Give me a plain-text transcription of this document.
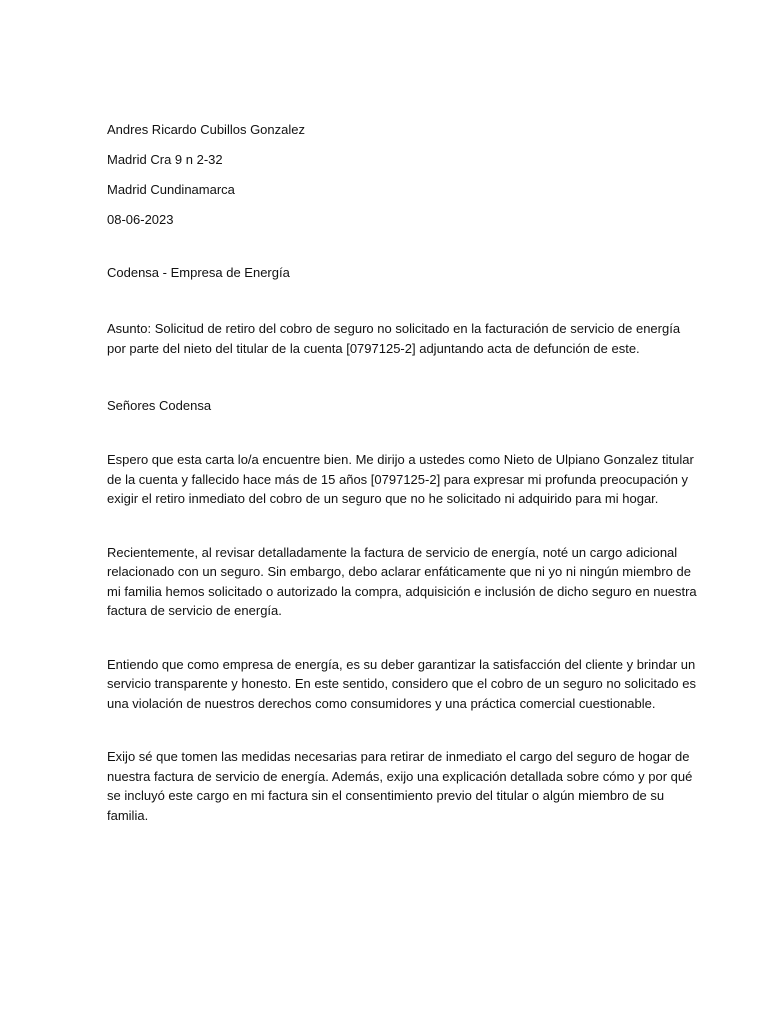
Andres Ricardo Cubillos Gonzalez

Madrid Cra 9 n 2-32

Madrid Cundinamarca

08-06-2023

Codensa - Empresa de Energía

Asunto: Solicitud de retiro del cobro de seguro no solicitado en la facturación de servicio de energía por parte del nieto del titular de la cuenta [0797125-2] adjuntando acta de defunción de este.

Señores Codensa

Espero que esta carta lo/a encuentre bien. Me dirijo a ustedes como Nieto de Ulpiano Gonzalez titular de la cuenta y fallecido hace más de 15 años [0797125-2] para expresar mi profunda preocupación y exigir el retiro inmediato del cobro de un seguro que no he solicitado ni adquirido para mi hogar.

Recientemente, al revisar detalladamente la factura de servicio de energía, noté un cargo adicional relacionado con un seguro. Sin embargo, debo aclarar enfáticamente que ni yo ni ningún miembro de mi familia hemos solicitado o autorizado la compra, adquisición e inclusión de dicho seguro en nuestra factura de servicio de energía.

Entiendo que como empresa de energía, es su deber garantizar la satisfacción del cliente y brindar un servicio transparente y honesto. En este sentido, considero que el cobro de un seguro no solicitado es una violación de nuestros derechos como consumidores y una práctica comercial cuestionable.

Exijo sé que tomen las medidas necesarias para retirar de inmediato el cargo del seguro de hogar de nuestra factura de servicio de energía. Además, exijo una explicación detallada sobre cómo y por qué se incluyó este cargo en mi factura sin el consentimiento previo del titular o algún miembro de su familia.
